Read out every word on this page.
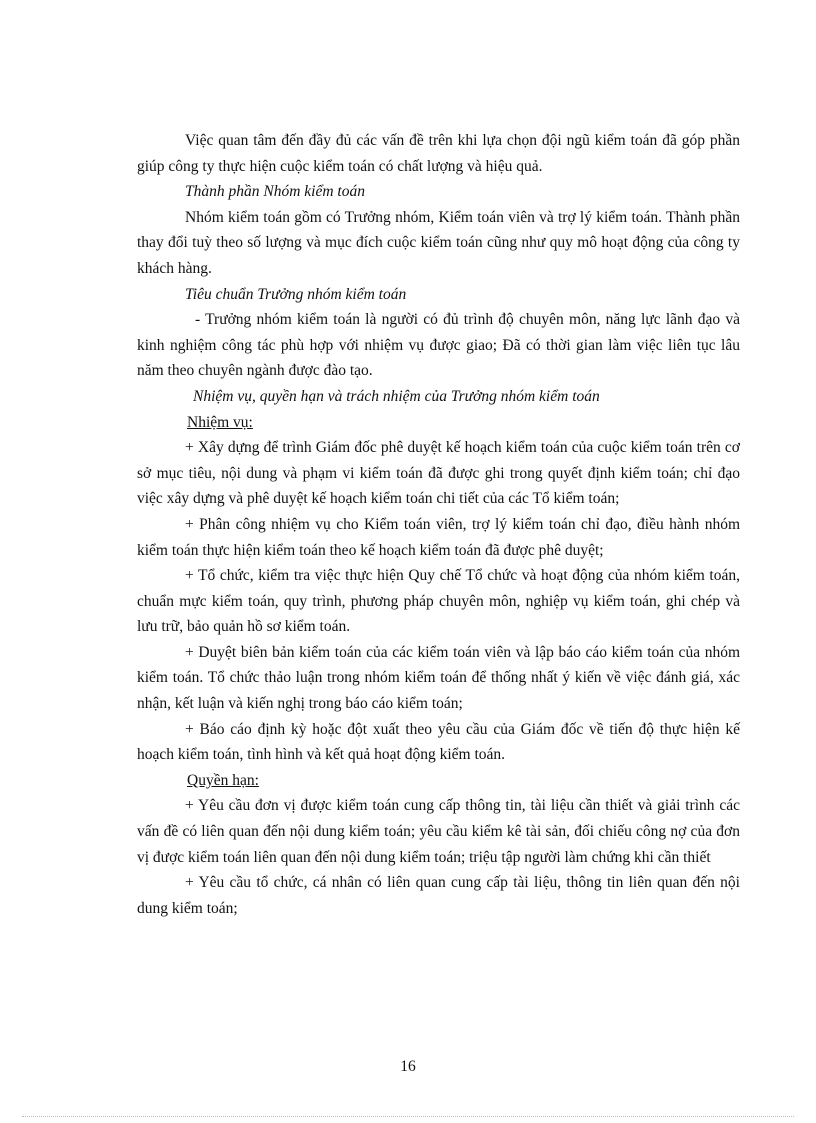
Việc quan tâm đến đầy đủ các vấn đề trên khi lựa chọn đội ngũ kiểm toán đã góp phần giúp công ty thực hiện cuộc kiểm toán có chất lượng và hiệu quả.

Thành phần Nhóm kiểm toán

Nhóm kiểm toán gồm có Trưởng nhóm, Kiểm toán viên và trợ lý kiểm toán. Thành phần thay đổi tuỳ theo số lượng và mục đích cuộc kiểm toán cũng như quy mô hoạt động của công ty khách hàng.

Tiêu chuẩn Trưởng nhóm kiểm toán

- Trưởng nhóm kiểm toán là người có đủ trình độ chuyên môn, năng lực lãnh đạo và kinh nghiệm công tác phù hợp với nhiệm vụ được giao; Đã có thời gian làm việc liên tục lâu năm theo chuyên ngành được đào tạo.

Nhiệm vụ, quyền hạn và trách nhiệm của Trưởng nhóm kiểm toán

Nhiệm vụ:

+ Xây dựng để trình Giám đốc phê duyệt kế hoạch kiểm toán của cuộc kiểm toán trên cơ sở mục tiêu, nội dung và phạm vi kiểm toán đã được ghi trong quyết định kiểm toán; chỉ đạo việc xây dựng và phê duyệt kế hoạch kiểm toán chi tiết của các Tổ kiểm toán;

+ Phân công nhiệm vụ cho Kiểm toán viên, trợ lý kiểm toán chỉ đạo, điều hành nhóm kiểm toán thực hiện kiểm toán theo kế hoạch kiểm toán đã được phê duyệt;

+ Tổ chức, kiểm tra việc thực hiện Quy chế Tổ chức và hoạt động của nhóm kiểm toán, chuẩn mực kiểm toán, quy trình, phương pháp chuyên môn, nghiệp vụ kiểm toán, ghi chép và lưu trữ, bảo quản hồ sơ kiểm toán.

+ Duyệt biên bản kiểm toán của các kiểm toán viên và lập báo cáo kiểm toán của nhóm kiểm toán. Tổ chức thảo luận trong nhóm kiểm toán để thống nhất ý kiến về việc đánh giá, xác nhận, kết luận và kiến nghị trong báo cáo kiểm toán;

+ Báo cáo định kỳ hoặc đột xuất theo yêu cầu của Giám đốc về tiến độ thực hiện kế hoạch kiểm toán, tình hình và kết quả hoạt động kiểm toán.

Quyền hạn:

+ Yêu cầu đơn vị được kiểm toán cung cấp thông tin, tài liệu cần thiết và giải trình các vấn đề có liên quan đến nội dung kiểm toán; yêu cầu kiểm kê tài sản, đối chiếu công nợ của đơn vị được kiểm toán liên quan đến nội dung kiểm toán; triệu tập người làm chứng khi cần thiết

+ Yêu cầu tổ chức, cá nhân có liên quan cung cấp tài liệu, thông tin liên quan đến nội dung kiểm toán;

16
